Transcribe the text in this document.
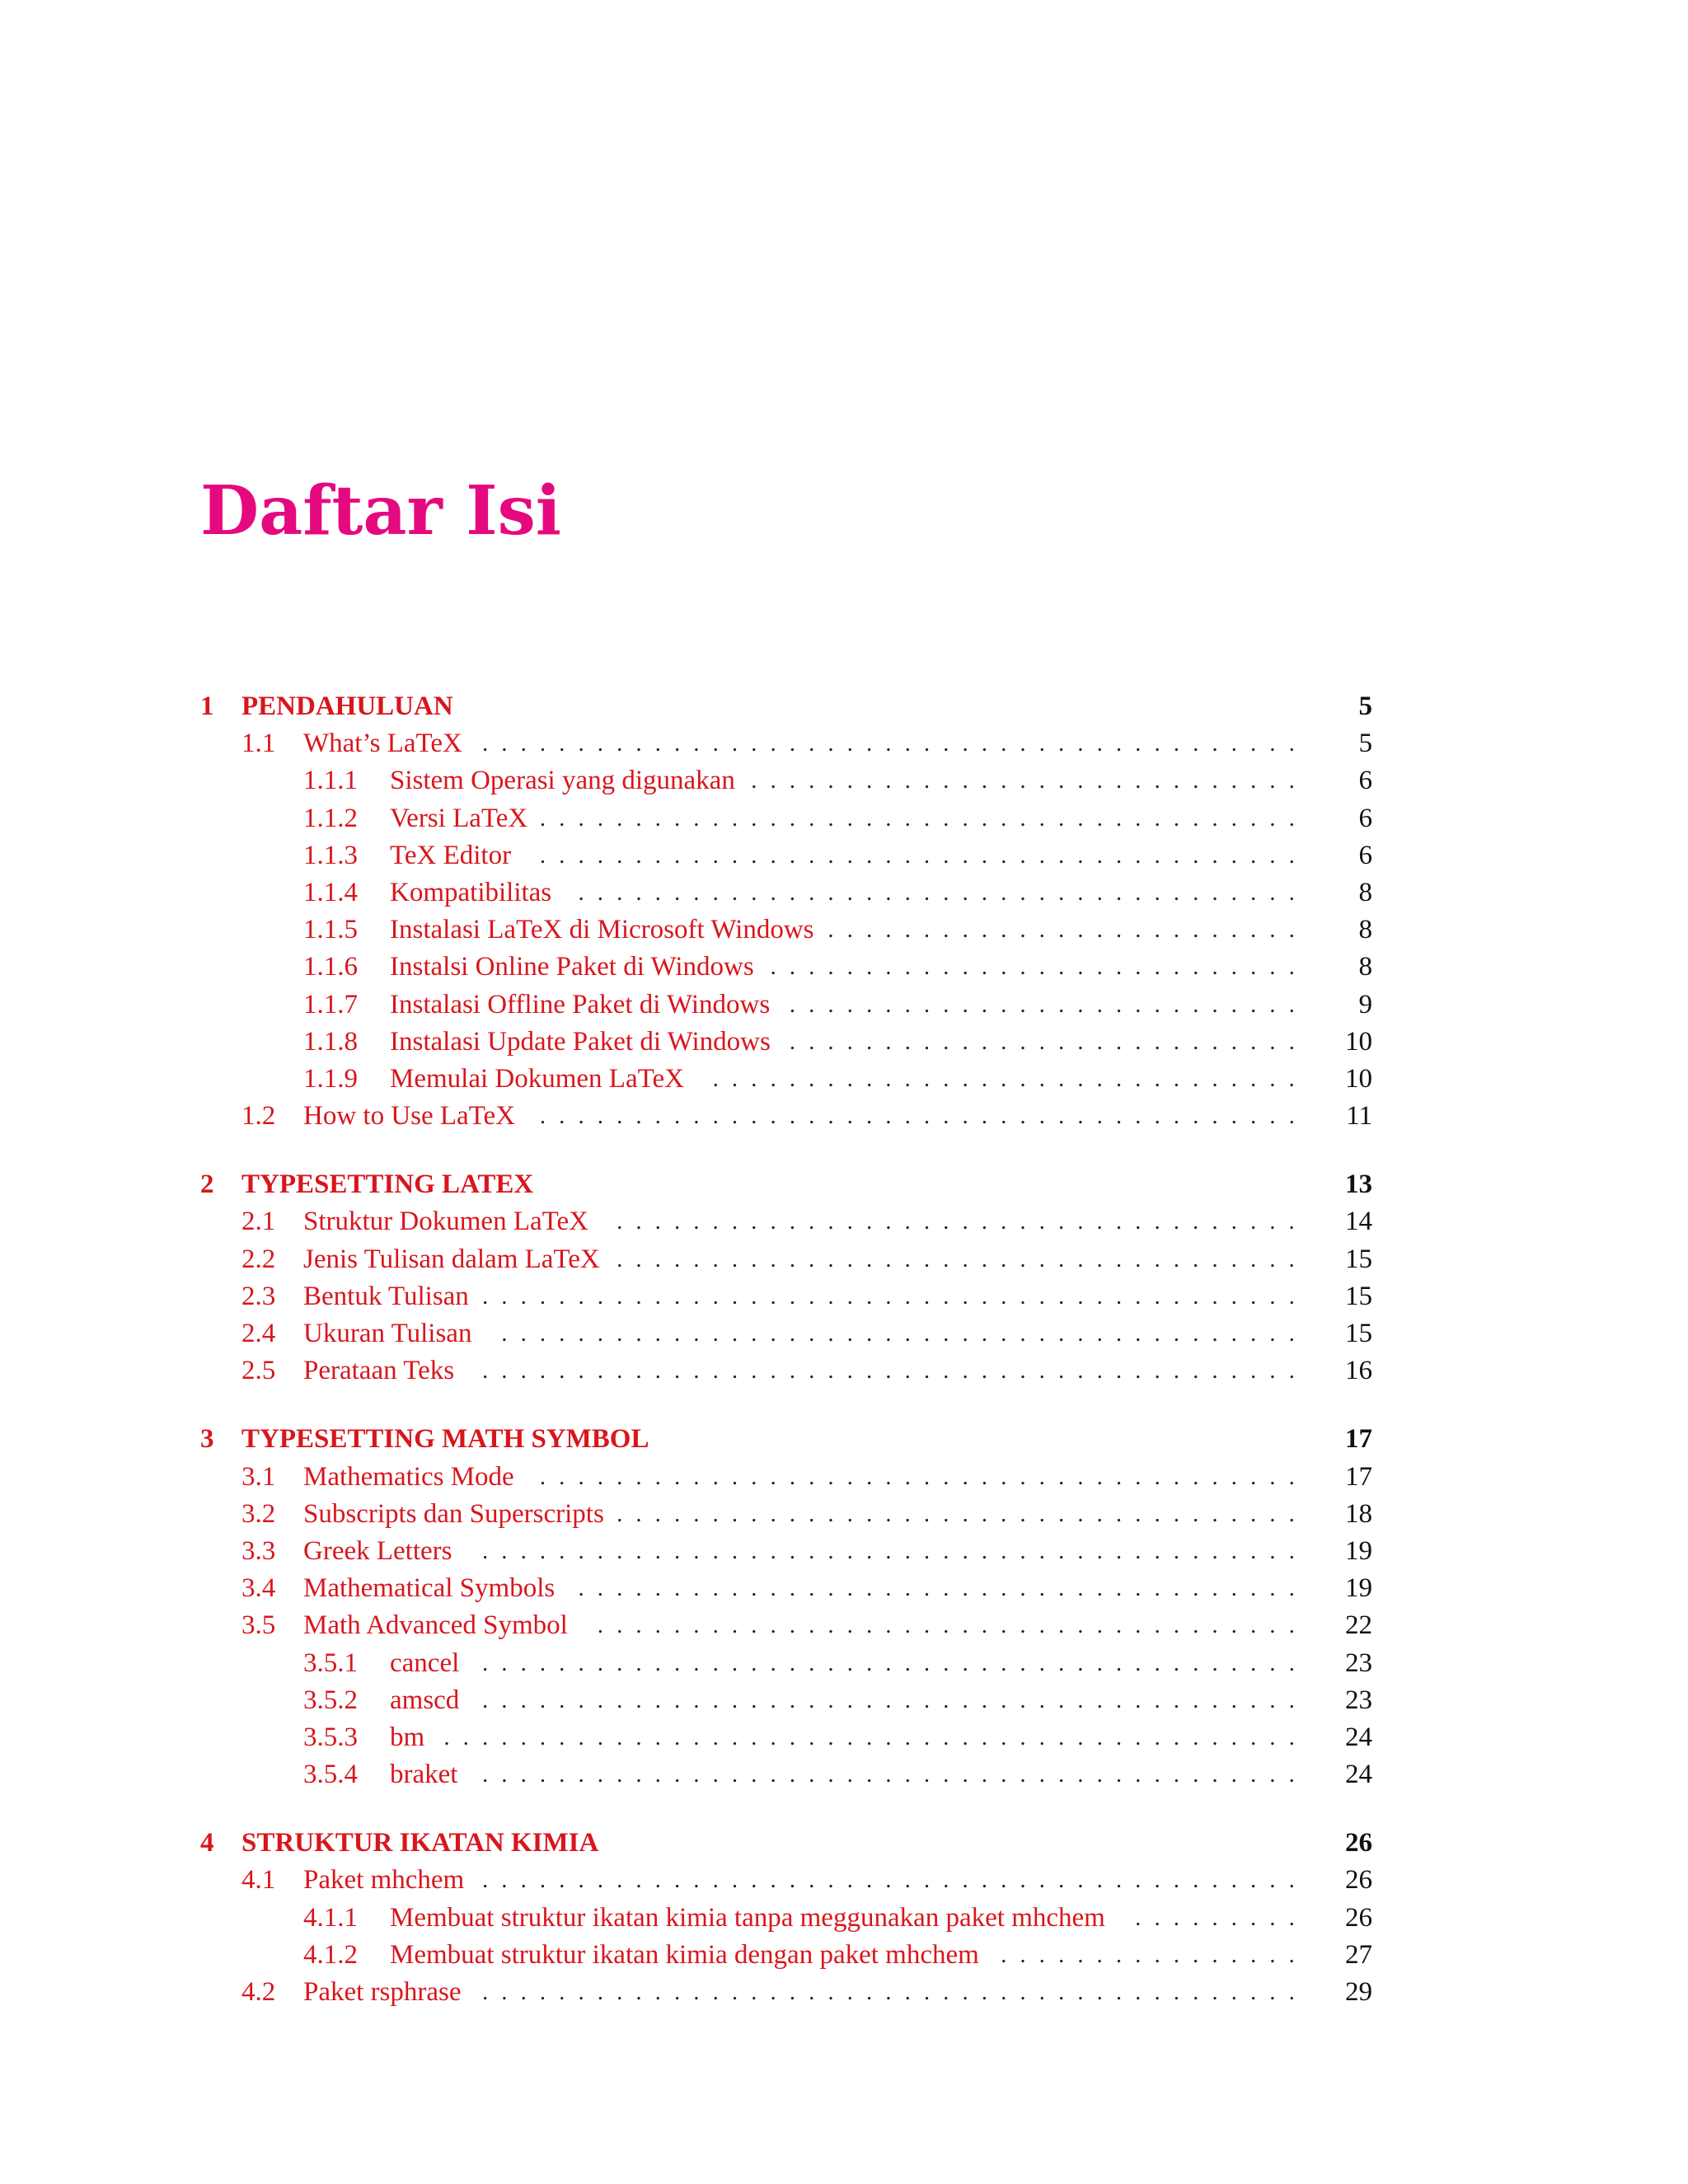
Daftar Isi
1 PENDAHULUAN	5
1.1 What’s LaTeX	5
...........................................
1.1.1 Sistem Operasi yang digunakan	6
.............................
1.1.2 Versi LaTeX	6
........................................
1.1.3 TeX Editor	6
........................................
1.1.4 Kompatibilitas	8
......................................
1.1.5 Instalasi LaTeX di Microsoft Windows	8
.........................
1.1.6 Instalsi Online Paket di Windows	8
............................
1.1.7 Instalasi Offline Paket di Windows	9
...........................
1.1.8 Instalasi Update Paket di Windows	10
...........................
1.1.9 Memulai Dokumen LaTeX	10
...............................
1.2 How to Use LaTeX	11
........................................
2 TYPESETTING LATEX	13
2.1 Struktur Dokumen LaTeX	14
....................................
2.2 Jenis Tulisan dalam LaTeX	15
....................................
2.3 Bentuk Tulisan	15
...........................................
2.4 Ukuran Tulisan	15
..........................................
2.5 Perataan Teks	16
...........................................
3 TYPESETTING MATH SYMBOL	17
3.1 Mathematics Mode	17
........................................
3.2 Subscripts dan Superscripts	18
....................................
3.3 Greek Letters	19
...........................................
3.4 Mathematical Symbols	19
......................................
3.5 Math Advanced Symbol	22
.....................................
3.5.1 cancel	23
...........................................
3.5.2 amscd	23
...........................................
3.5.3 bm	24
.............................................
3.5.4 braket	24
...........................................
4 STRUKTUR IKATAN KIMIA	26
4.1 Paket mhchem	26
...........................................
4.1.1 Membuat struktur ikatan kimia tanpa meggunakan paket mhchem	26
.........
4.1.2 Membuat struktur ikatan kimia dengan paket mhchem	27
................
4.2 Paket rsphrase	29
...........................................
